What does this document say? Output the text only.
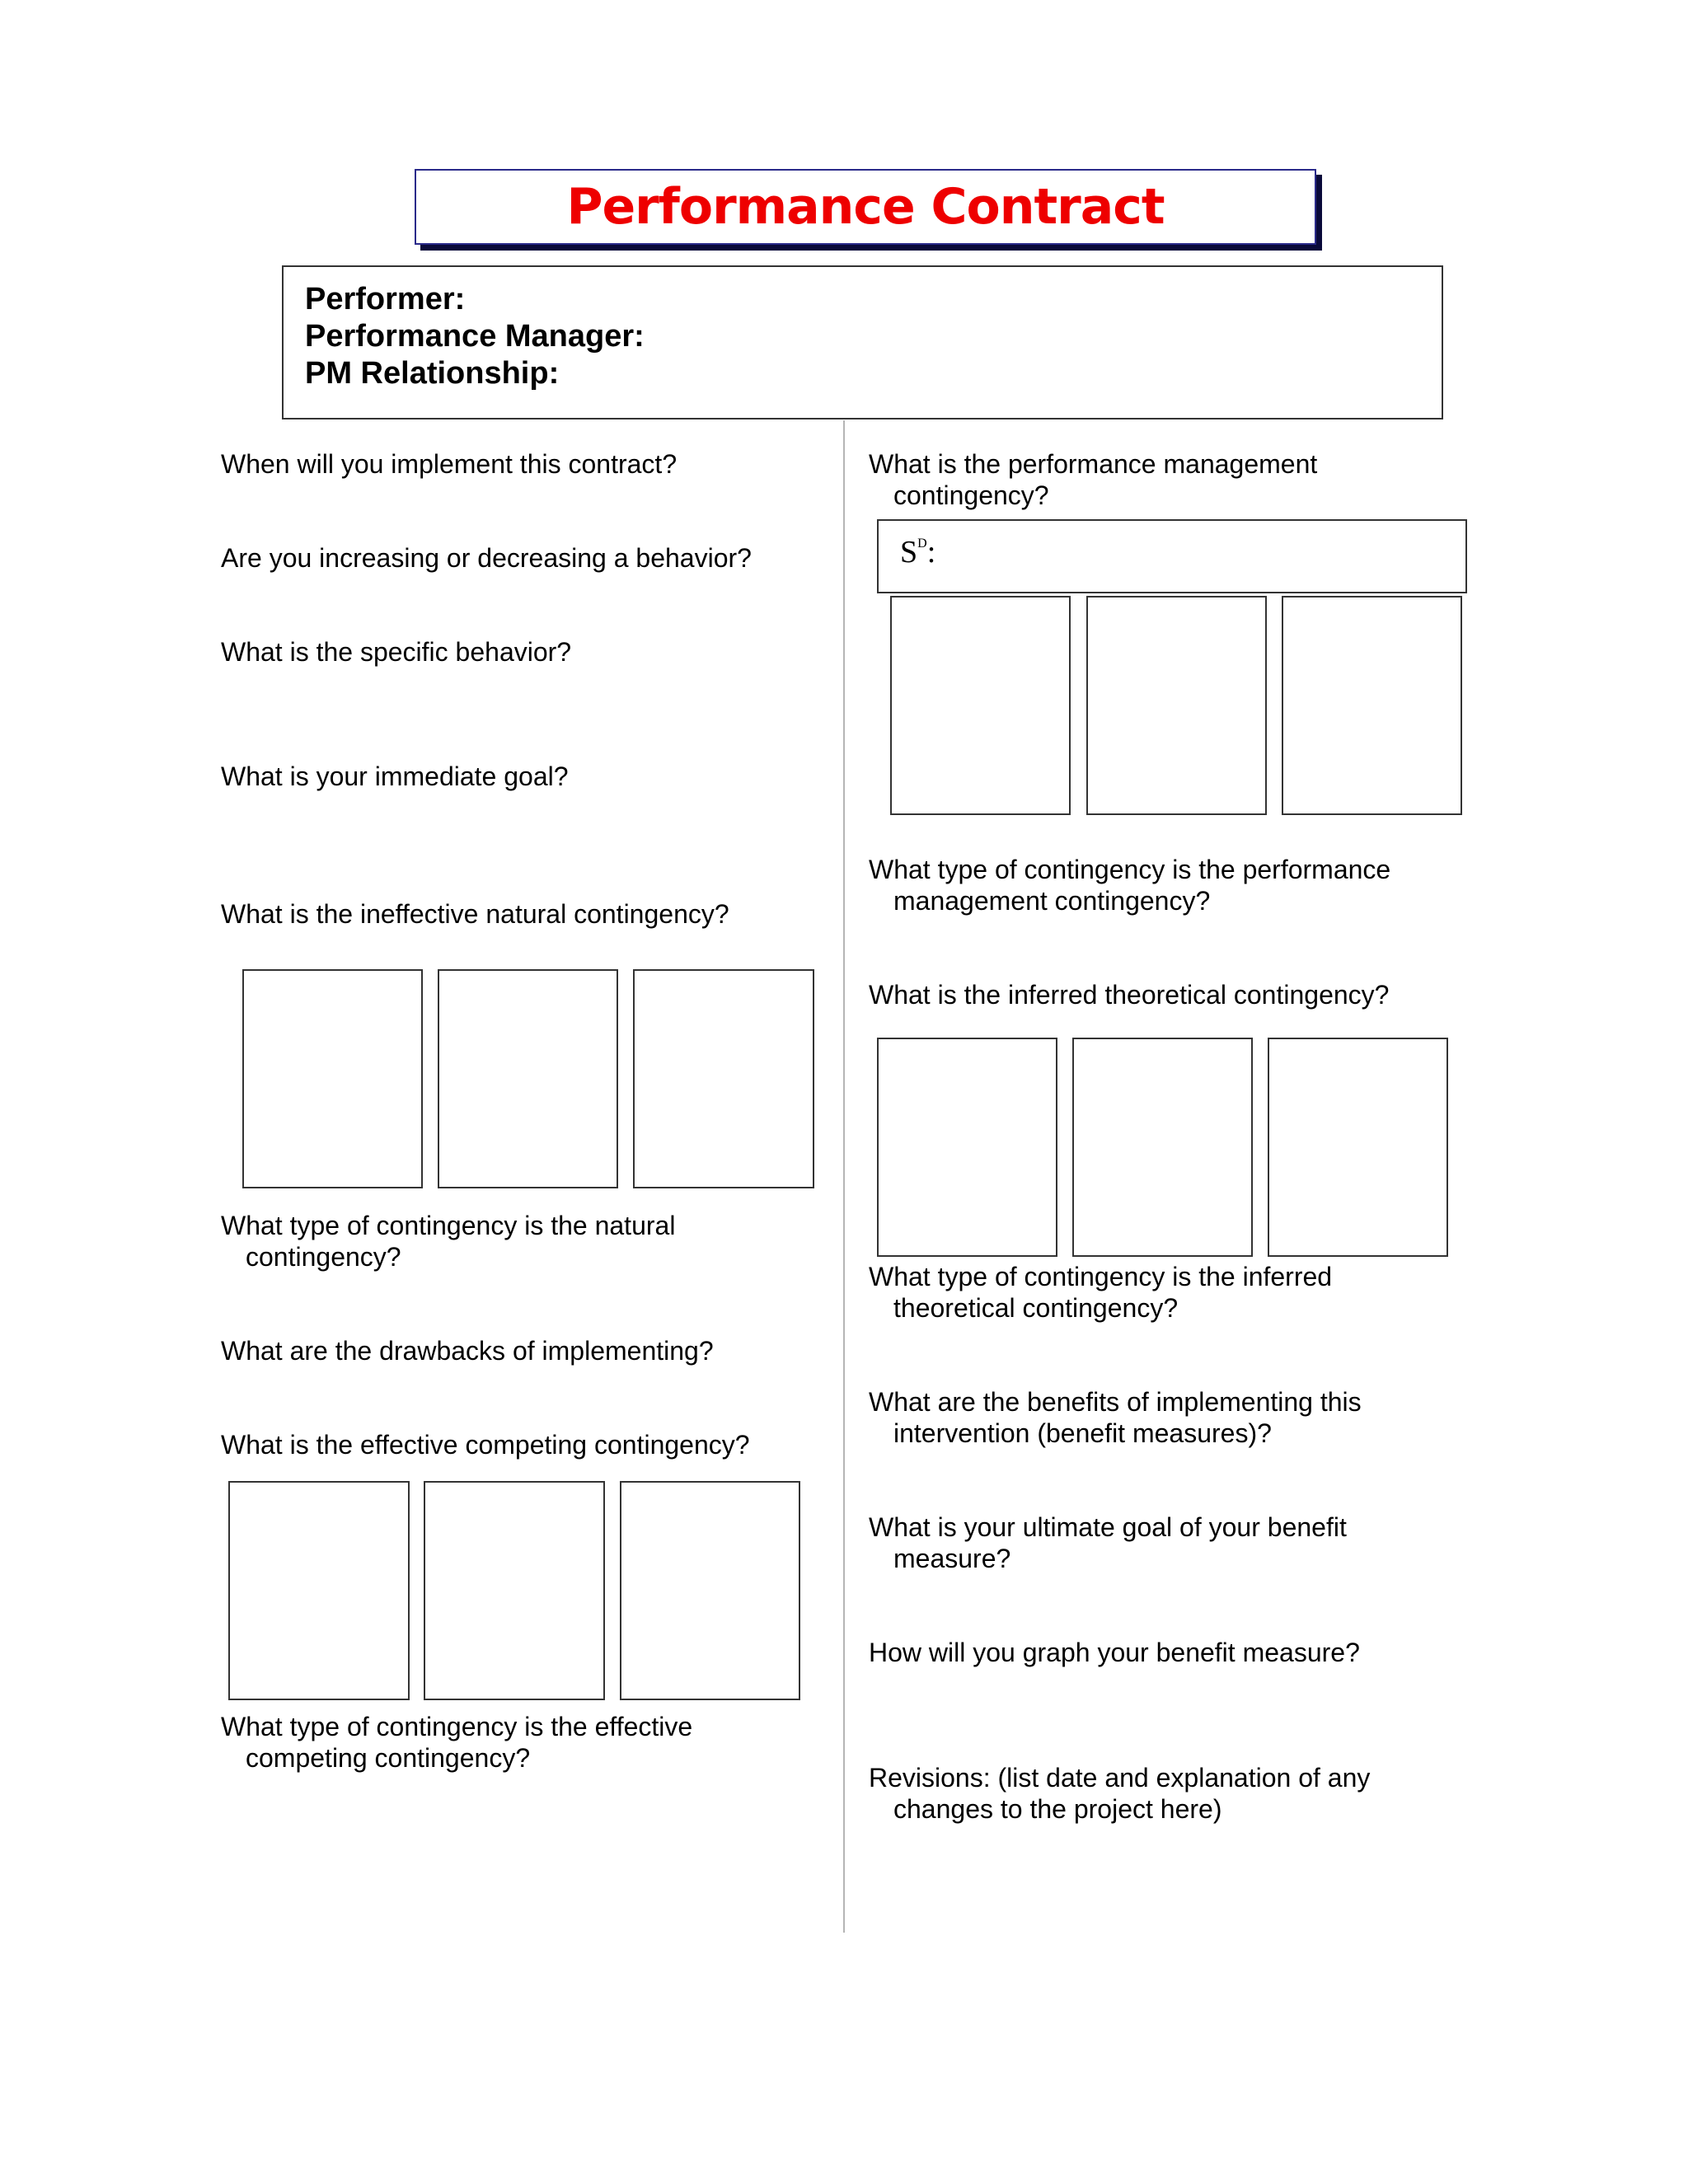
Performance Contract
Performer:
Performance Manager:
PM Relationship:
When will you implement this contract?
Are you increasing or decreasing a behavior?
What is the specific behavior?
What is your immediate goal?
What is the ineffective natural contingency?
What type of contingency is the natural
contingency?
What are the drawbacks of implementing?
What is the effective competing contingency?
What type of contingency is the effective
competing contingency?
What is the performance management
contingency?
$S^D$:
What type of contingency is the performance
management contingency?
What is the inferred theoretical contingency?
What type of contingency is the inferred
theoretical contingency?
What are the benefits of implementing this
intervention (benefit measures)?
What is your ultimate goal of your benefit
measure?
How will you graph your benefit measure?
Revisions: (list date and explanation of any
changes to the project here)
